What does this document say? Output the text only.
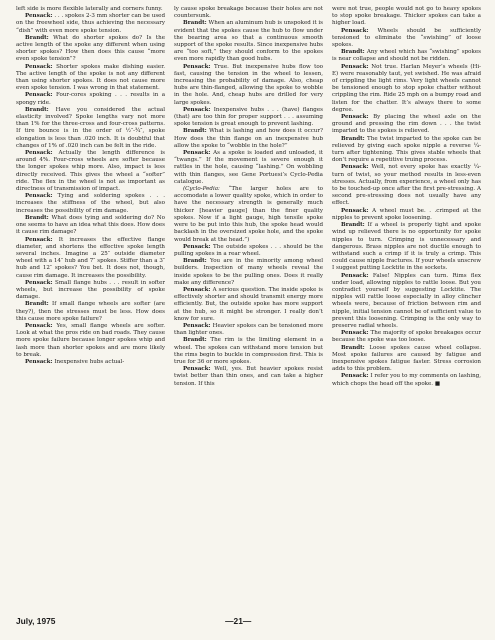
left side is more flexible laterally and corners funny.

Pensack: . . . spokes 2-3 mm shorter can be used on the freewheel side, thus achieving the necessary “dish” with even more spoke tension.

Brandt: What do shorter spokes do? Is the active length of the spoke any different when using shorter spokes? How then does this cause “more even spoke tension”?

Pensack: Shorter spokes make dishing easier. The active length of the spoke is not any different than using shorter spokes. It does not cause more even spoke tension. I was wrong in that statement.

Pensack: Four-cores spoking . . . results in a spongy ride.

Brandt: Have you considered the actual elasticity involved? Spoke lengths vary not more than 1% for the three-cross and four-cross patterns. If tire bounce is in the order of ½″-¾″, spoke elongation is less than .020 inch. It is doubtful that changes of 1% of .020 inch can be felt in the ride.

Pensack: Actually the length difference is around 4%. Four-cross wheels are softer because the longer spokes whip more. Also, impact is less directly received. This gives the wheel a “softer” ride. The flex in the wheel is not as important as directness of transmission of impact.

Pensack: Tying and soldering spokes . . . increases the stiffness of the wheel, but also increases the possibility of rim damage.

Brandt: What does tying and soldering do? No one seems to have an idea what this does. How does it cause rim damage?

Pensack: It increases the effective flange diameter, and shortens the effective spoke length several inches. Imagine a 25″ outside diameter wheel with a 14″ hub and 7″ spokes. Stiffer than a 3″ hub and 12″ spokes? You bet. It does not, though, cause rim damage. It increases the possibility.

Pensack: Small flange hubs . . . result in softer wheels, but increase the possibility of spoke damage.

Brandt: If small flange wheels are softer (are they?), then the stresses must be less. How does this cause more spoke failure?

Pensack: Yes, small flange wheels are softer. Look at what the pros ride on bad roads. They cause more spoke failure because longer spokes whip and lash more than shorter spokes and are more likely to break.

Pensack: Inexpensive hubs actual-

ly cause spoke breakage because their holes are not countersunk.

Brandt: When an aluminum hub is unspoked it is evident that the spokes cause the hub to flow under the bearing area so that a continuous smooth support of the spoke results. Since inexpensive hubs are “too soft,” they should conform to the spokes even more rapidly than good hubs.

Pensack: True. But inexpensive hubs flow too fast, causing the tension in the wheel to lessen, increasing the probability of damage. Also, cheap hubs are thin-flanged, allowing the spoke to wobble in the hole. And, cheap hubs are drilled for very large spokes.

Pensack: Inexpensive hubs . . . (have) flanges (that) are too thin for proper support . . . assuming spoke tension is great enough to prevent lashing.

Brandt: What is lashing and how does it occur? How does the thin flange on an inexpensive hub allow the spoke to “wobble in the hole?”

Pensack: As a spoke is loaded and unloaded, it “twangs.” If the movement is severe enough it rattles in the hole, causing “lashing.” On wobbling with thin flanges, see Gene Portuesi’s Cyclo-Pedia catalogue.

(Cyclo-Pedia: “The larger holes are to accomodate a lower quality spoke, which in order to have the necessary strength is generally much thicker [heavier gauge] than the finer quality spokes. Now if a light gauge, high tensile spoke were to be put into this hub, the spoke head would backlash in the oversized spoke hole, and the spoke would break at the head.”)

Pensack: The outside spokes . . . should be the pulling spokes in a rear wheel.

Brandt: You are in the minority among wheel builders. Inspection of many wheels reveal the inside spokes to be the pulling ones. Does it really make any difference?

Pensack: A serious question. The inside spoke is effectively shorter and should transmit energy more efficiently. But, the outside spoke has more support at the hub, so it might be stronger. I really don’t know for sure.

Pensack: Heavier spokes can be tensioned more than lighter ones.

Brandt: The rim is the limiting element in a wheel. The spokes can withstand more tension but the rims begin to buckle in compression first. This is true for 36 or more spokes.

Pensack: Well, yes. But heavier spokes resist twist better than thin ones, and can take a higher tension. If this

were not true, people would not go to heavy spokes to stop spoke breakage. Thicker spokes can take a higher load.

Pensack: Wheels should be sufficiently tensioned to eliminate the “swishing” of loose spokes.

Brandt: Any wheel which has “swishing” spokes is near collapse and should not be ridden.

Pensack: Not true. Harlan Meyer’s wheels (Hi-E) were reasonably taut, yet swished. He was afraid of crippling the light rims. Very light wheels cannot be tensioned enough to stop spoke chatter without crippling the rim. Ride 25 mph on a bumpy road and listen for the chatter. It’s always there to some degree.

Pensack: By placing the wheel axle on the ground and pressing the rim down . . . the twist imparted to the spokes is relieved.

Brandt: The twist imparted to the spoke can be relieved by giving each spoke nipple a reverse ¼-turn after tightening. This gives stable wheels that don’t require a repetitive truing process.

Pensack: Well, not every spoke has exactly ¼-turn of twist, so your method results in less-even stresses. Actually, from experience, a wheel only has to be touched-up once after the first pre-stressing. A second pre-stressing does not usually have any effect.

Pensack: A wheel must be. . .crimped at the nipples to prevent spoke loosening.

Brandt: If a wheel is properly tight and spoke wind up relieved there is no opportunity for spoke nipples to turn. Crimping is unnecessary and dangerous. Brass nipples are not ductile enough to withstand such a crimp if it is truly a crimp. This could cause nipple fractures. If your wheels unscrew I suggest putting Locktite in the sockets.

Pensack: False! Nipples can turn. Rims flex under load, allowing nipples to rattle loose. But you contradict yourself by suggesting Locktite. The nipples will rattle loose especially in alloy clincher wheels were, because of friction between rim and nipple, initial tension cannot be of sufficient value to prevent this loosening. Crimping is the only way to preserve radial wheels.

Pensack: The majority of spoke breakages occur because the spoke was too loose.

Brandt: Loose spokes cause wheel collapse. Most spoke failures are caused by fatigue and inexpensive spokes fatigue faster. Stress corrosion adds to this problem.

Pensack: I refer you to my comments on lashing, which chops the head off the spoke. ■

July, 1975	—21—
